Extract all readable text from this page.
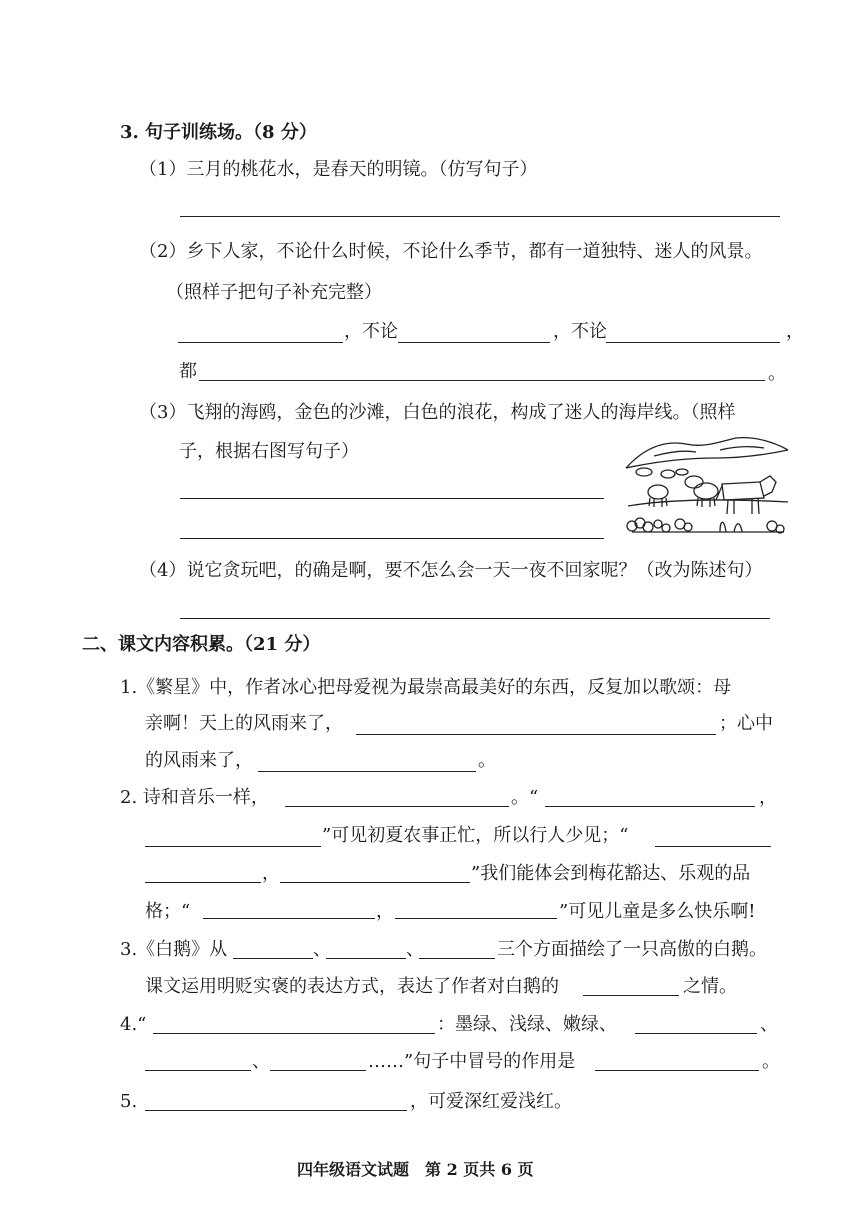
3. 句子训练场。（8 分）
（1）三月的桃花水，是春天的明镜。（仿写句子）
（2）乡下人家，不论什么时候，不论什么季节，都有一道独特、迷人的风景。
（照样子把句子补充完整）
，不论	，不论	，
都	。
（3）飞翔的海鸥，金色的沙滩，白色的浪花，构成了迷人的海岸线。（照样
子，根据右图写句子）
（4）说它贪玩吧，的确是啊，要不怎么会一天一夜不回家呢？（改为陈述句）
二、课文内容积累。（21 分）
1.《繁星》中，作者冰心把母爱视为最崇高最美好的东西，反复加以歌颂：母
亲啊！天上的风雨来了，	；心中
的风雨来了，	。
2. 诗和音乐一样，	。“	，
”可见初夏农事正忙，所以行人少见；“
，	”我们能体会到梅花豁达、乐观的品
格；“	，	”可见儿童是多么快乐啊!
3.《白鹅》从	、	、	三个方面描绘了一只高傲的白鹅。
课文运用明贬实褒的表达方式，表达了作者对白鹅的	之情。
4.“	：墨绿、浅绿、嫩绿、	、
、	……”句子中冒号的作用是	。
5.	，可爱深红爱浅红。
四年级语文试题　第 2 页共 6 页
